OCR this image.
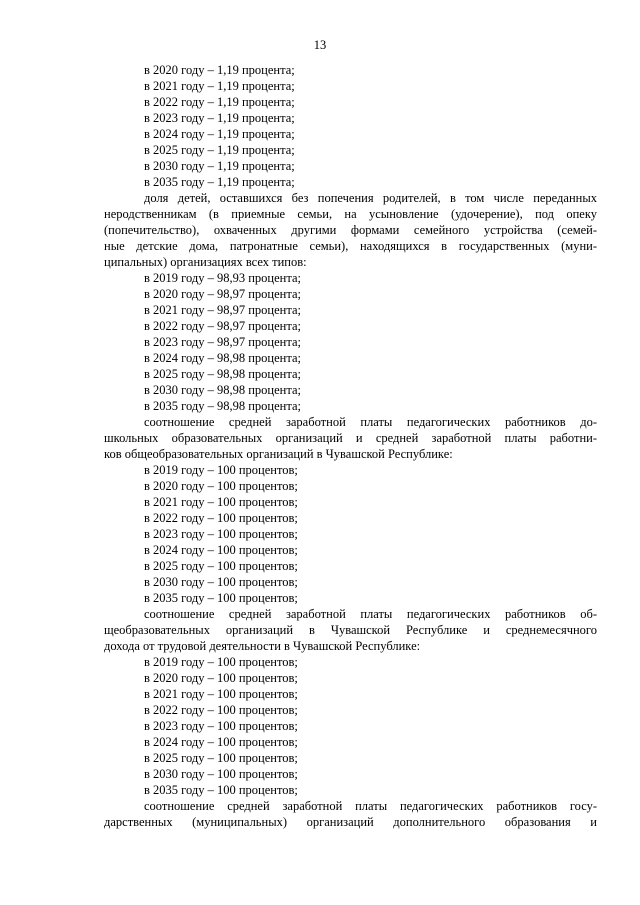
13
в 2020 году – 1,19 процента;
в 2021 году – 1,19 процента;
в 2022 году – 1,19 процента;
в 2023 году – 1,19 процента;
в 2024 году – 1,19 процента;
в 2025 году – 1,19 процента;
в 2030 году – 1,19 процента;
в 2035 году – 1,19 процента;
доля детей, оставшихся без попечения родителей, в том числе переданных
неродственникам (в приемные семьи, на усыновление (удочерение), под опеку
(попечительство), охваченных другими формами семейного устройства (семей-
ные детские дома, патронатные семьи), находящихся в государственных (муни-
ципальных) организациях всех типов:
в 2019 году – 98,93 процента;
в 2020 году – 98,97 процента;
в 2021 году – 98,97 процента;
в 2022 году – 98,97 процента;
в 2023 году – 98,97 процента;
в 2024 году – 98,98 процента;
в 2025 году – 98,98 процента;
в 2030 году – 98,98 процента;
в 2035 году – 98,98 процента;
соотношение средней заработной платы педагогических работников до-
школьных образовательных организаций и средней заработной платы работни-
ков общеобразовательных организаций в Чувашской Республике:
в 2019 году – 100 процентов;
в 2020 году – 100 процентов;
в 2021 году – 100 процентов;
в 2022 году – 100 процентов;
в 2023 году – 100 процентов;
в 2024 году – 100 процентов;
в 2025 году – 100 процентов;
в 2030 году – 100 процентов;
в 2035 году – 100 процентов;
соотношение средней заработной платы педагогических работников об-
щеобразовательных организаций в Чувашской Республике и среднемесячного
дохода от трудовой деятельности в Чувашской Республике:
в 2019 году – 100 процентов;
в 2020 году – 100 процентов;
в 2021 году – 100 процентов;
в 2022 году – 100 процентов;
в 2023 году – 100 процентов;
в 2024 году – 100 процентов;
в 2025 году – 100 процентов;
в 2030 году – 100 процентов;
в 2035 году – 100 процентов;
соотношение средней заработной платы педагогических работников госу-
дарственных (муниципальных) организаций дополнительного образования и
